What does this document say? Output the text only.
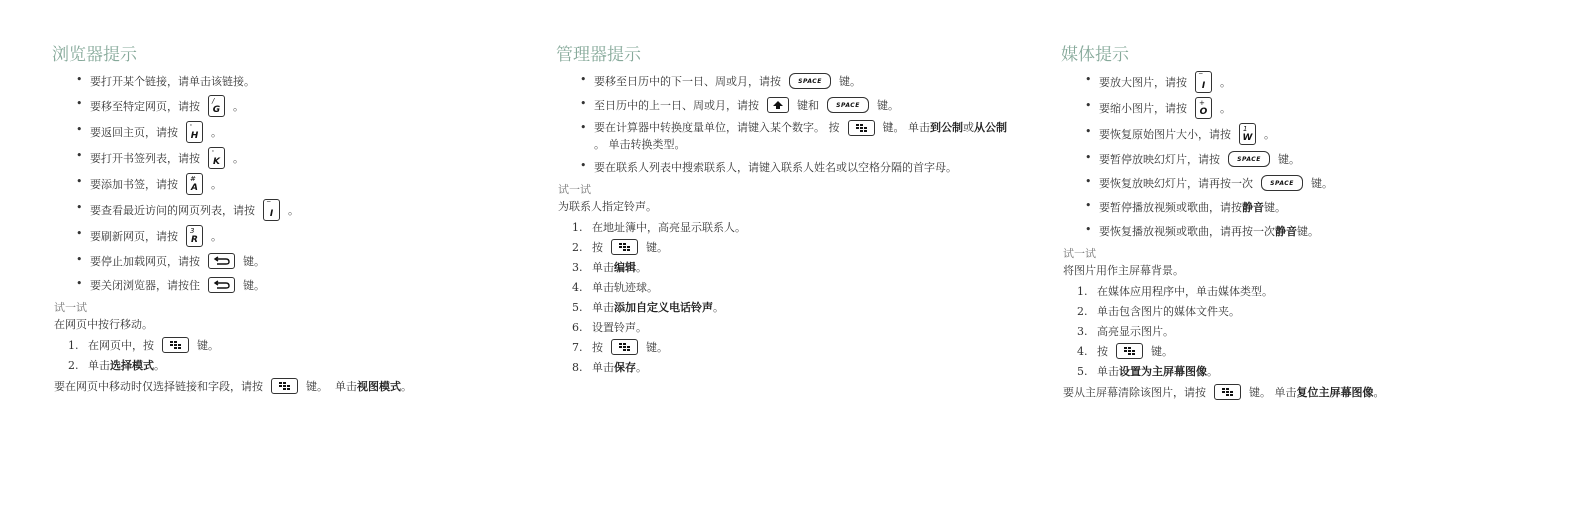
浏览器提示
• 要打开某个链接，请单击该链接。
• 要移至特定网页，请按	/
G 。
• 要返回主页，请按	'
H 。
• 要打开书签列表，请按	'
K 。
• 要添加书签，请按	#
A 。
• 要查看最近访问的网页列表，请按	‾
I 。
• 要刷新网页，请按	3
R 。
• 要停止加载网页，请按	键。
• 要关闭浏览器，请按住	键。
试一试
在网页中按行移动。
1. 在网页中，按	键。
2. 单击 选择模式 。
要在网页中移动时仅选择链接和字段，请按	键。  单击 视图模式 。
管理器提示
• 要移至日历中的下一日、周或月，请按	SPACE	键。
• 至日历中的上一日、周或月，请按	键和	SPACE	键。
• 要在计算器中转换度量单位，请键入某个数字。 按	键。 单击 到公制 或 从公制
。 单击转换类型。
• 要在联系人列表中搜索联系人，请键入联系人姓名或以空格分隔的首字母。
试一试
为联系人指定铃声。
1. 在地址簿中，高亮显示联系人。
2. 按	键。
3. 单击 编辑 。
4. 单击轨迹球。
5. 单击 添加自定义电话铃声 。
6. 设置铃声。
7. 按	键。
8. 单击 保存 。
媒体提示
• 要放大图片，请按	‾
I 。
• 要缩小图片，请按	+
O 。
• 要恢复原始图片大小，请按	1
W 。
• 要暂停放映幻灯片，请按	SPACE	键。
• 要恢复放映幻灯片，请再按一次	SPACE	键。
• 要暂停播放视频或歌曲，请按 静音 键。
• 要恢复播放视频或歌曲，请再按一次 静音 键。
试一试
将图片用作主屏幕背景。
1. 在媒体应用程序中，单击媒体类型。
2. 单击包含图片的媒体文件夹。
3. 高亮显示图片。
4. 按	键。
5. 单击 设置为主屏幕图像 。
要从主屏幕清除该图片，请按	键。 单击 复位主屏幕图像 。
